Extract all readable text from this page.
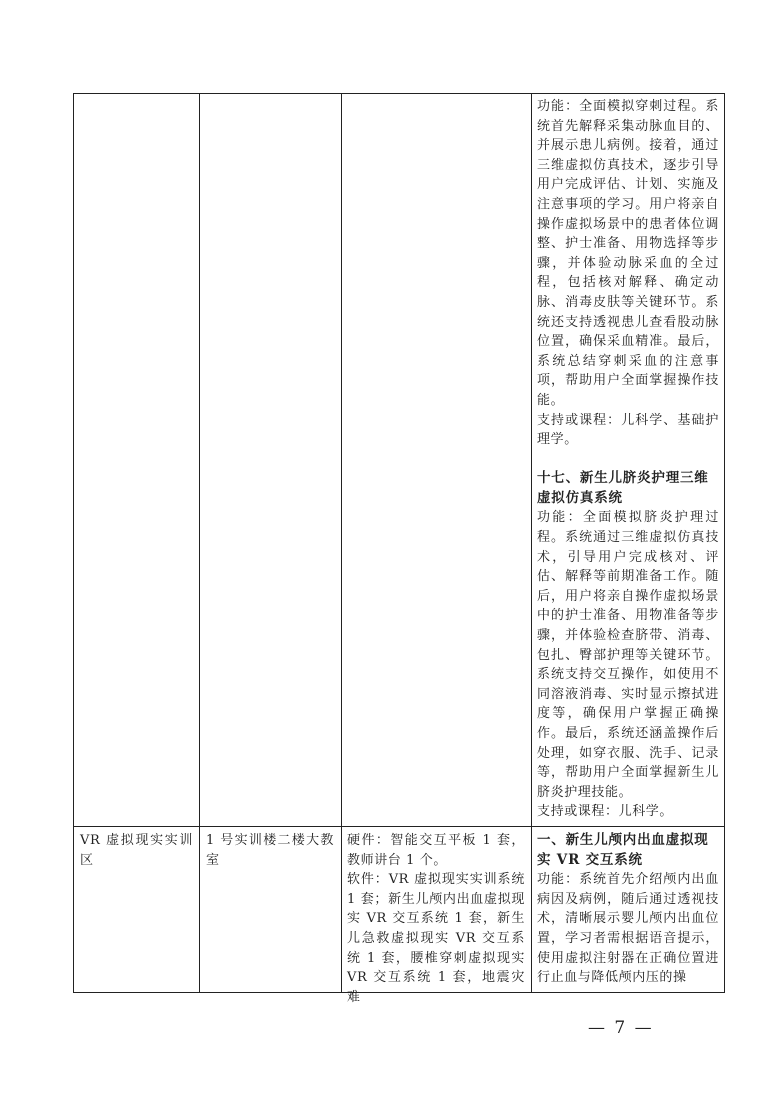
功能：全面模拟穿刺过程。系统首先解释采集动脉血目的、并展示患儿病例。接着，通过三维虚拟仿真技术，逐步引导用户完成评估、计划、实施及注意事项的学习。用户将亲自操作虚拟场景中的患者体位调整、护士准备、用物选择等步骤，并体验动脉采血的全过程，包括核对解释、确定动脉、消毒皮肤等关键环节。系统还支持透视患儿查看股动脉位置，确保采血精准。最后，系统总结穿刺采血的注意事项，帮助用户全面掌握操作技能。

支持或课程：儿科学、基础护理学。

十七、新生儿脐炎护理三维虚拟仿真系统

功能：全面模拟脐炎护理过程。系统通过三维虚拟仿真技术，引导用户完成核对、评估、解释等前期准备工作。随后，用户将亲自操作虚拟场景中的护士准备、用物准备等步骤，并体验检查脐带、消毒、包扎、臀部护理等关键环节。系统支持交互操作，如使用不同溶液消毒、实时显示擦拭进度等，确保用户掌握正确操作。最后，系统还涵盖操作后处理，如穿衣服、洗手、记录等，帮助用户全面掌握新生儿脐炎护理技能。

支持或课程：儿科学。

VR 虚拟现实实训区

1 号实训楼二楼大教室

硬件：智能交互平板 1 套，教师讲台 1 个。

软件：VR 虚拟现实实训系统 1 套；新生儿颅内出血虚拟现实 VR 交互系统 1 套，新生儿急救虚拟现实 VR 交互系统 1 套，腰椎穿刺虚拟现实 VR 交互系统 1 套，地震灾难

一、新生儿颅内出血虚拟现实 VR 交互系统

功能：系统首先介绍颅内出血病因及病例，随后通过透视技术，清晰展示婴儿颅内出血位置，学习者需根据语音提示，使用虚拟注射器在正确位置进行止血与降低颅内压的操

— 7 —
